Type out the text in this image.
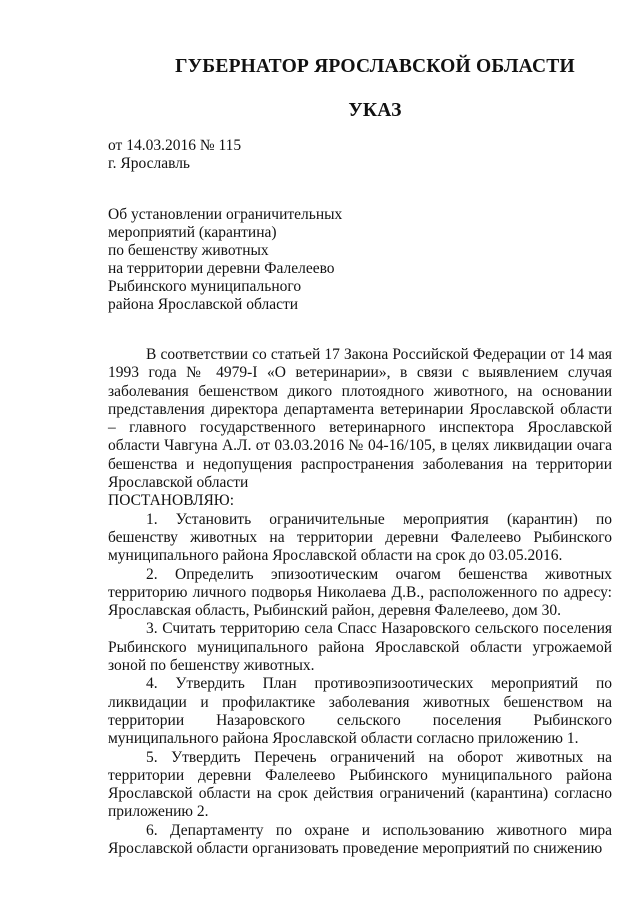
ГУБЕРНАТОР ЯРОСЛАВСКОЙ ОБЛАСТИ
УКАЗ
от 14.03.2016 № 115
г. Ярославль
Об установлении ограничительных
мероприятий (карантина)
по бешенству животных
на территории деревни Фалелеево
Рыбинского муниципального
района Ярославской области

В соответствии со статьей 17 Закона Российской Федерации от 14 мая 1993 года № 4979-I «О ветеринарии», в связи с выявлением случая заболевания бешенством дикого плотоядного животного, на основании представления директора департамента ветеринарии Ярославской области – главного государственного ветеринарного инспектора Ярославской области Чавгуна А.Л. от 03.03.2016 № 04-16/105, в целях ликвидации очага бешенства и недопущения распространения заболевания на территории Ярославской области

ПОСТАНОВЛЯЮ:

1. Установить ограничительные мероприятия (карантин) по бешенству животных на территории деревни Фалелеево Рыбинского муниципального района Ярославской области на срок до 03.05.2016.

2. Определить эпизоотическим очагом бешенства животных территорию личного подворья Николаева Д.В., расположенного по адресу: Ярославская область, Рыбинский район, деревня Фалелеево, дом 30.

3. Считать территорию села Спасс Назаровского сельского поселения Рыбинского муниципального района Ярославской области угрожаемой зоной по бешенству животных.

4. Утвердить План противоэпизоотических мероприятий по ликвидации и профилактике заболевания животных бешенством на территории Назаровского сельского поселения Рыбинского муниципального района Ярославской области согласно приложению 1.

5. Утвердить Перечень ограничений на оборот животных на территории деревни Фалелеево Рыбинского муниципального района Ярославской области на срок действия ограничений (карантина) согласно приложению 2.

6. Департаменту по охране и использованию животного мира Ярославской области организовать проведение мероприятий по снижению
